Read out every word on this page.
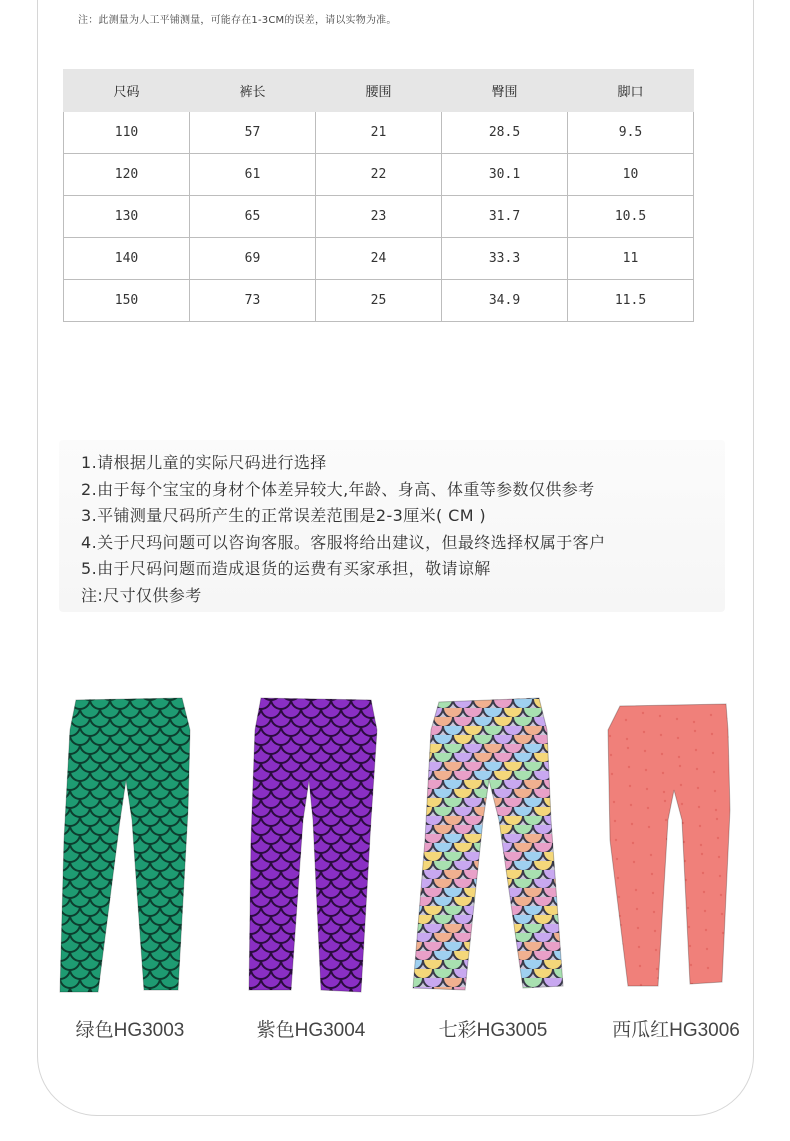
注：此测量为人工平铺测量，可能存在1-3CM的误差，请以实物为准。
尺码	裤长	腰围	臀围	脚口
110	57	21	28.5	9.5
120	61	22	30.1	10
130	65	23	31.7	10.5
140	69	24	33.3	11
150	73	25	34.9	11.5
1.请根据儿童的实际尺码进行选择
2.由于每个宝宝的身材个体差异较大,年龄、身高、体重等参数仅供参考
3.平铺测量尺码所产生的正常误差范围是2-3厘米( CM )
4.关于尺玛问题可以咨询客服。客服将给出建议，但最终选择权属于客户
5.由于尺码问题而造成退货的运费有买家承担，敬请谅解
注:尺寸仅供参考
绿色HG3003	紫色HG3004	七彩HG3005	西瓜红HG3006
